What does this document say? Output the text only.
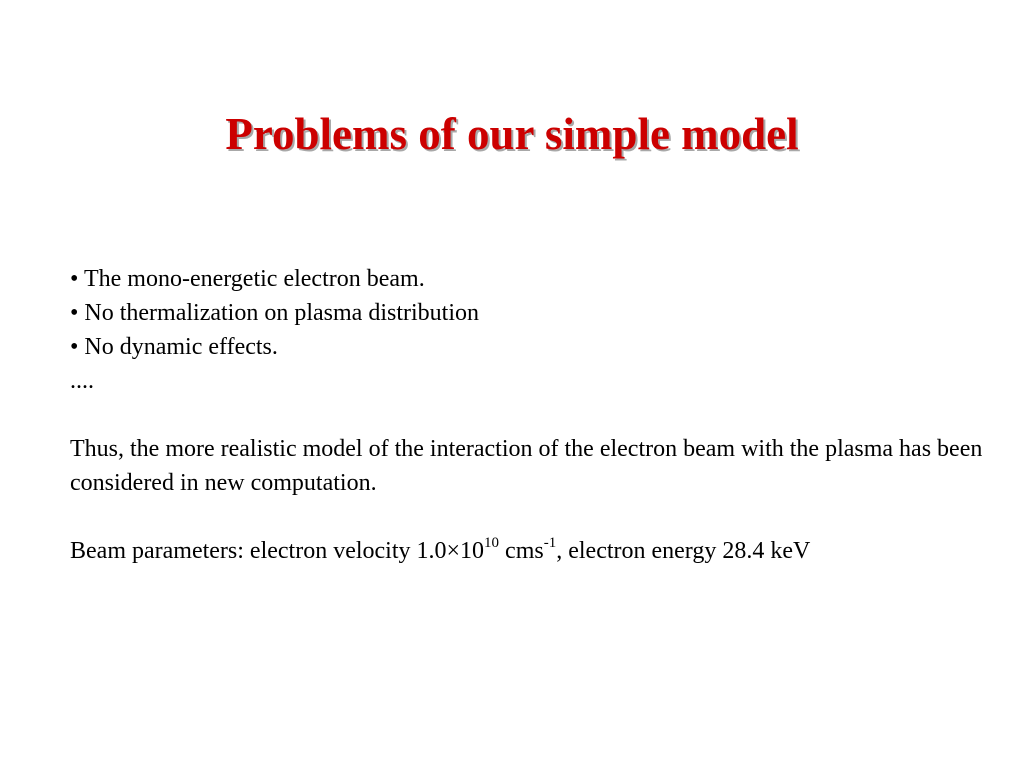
Problems of our simple model
• The mono-energetic electron beam.
• No thermalization on plasma distribution
• No dynamic effects.
....
Thus, the more realistic model of the interaction of the electron beam with the plasma has been considered in new computation.
Beam parameters: electron velocity $1.0\times 10^{10}$ cms$^{-1}$, electron energy 28.4 keV
